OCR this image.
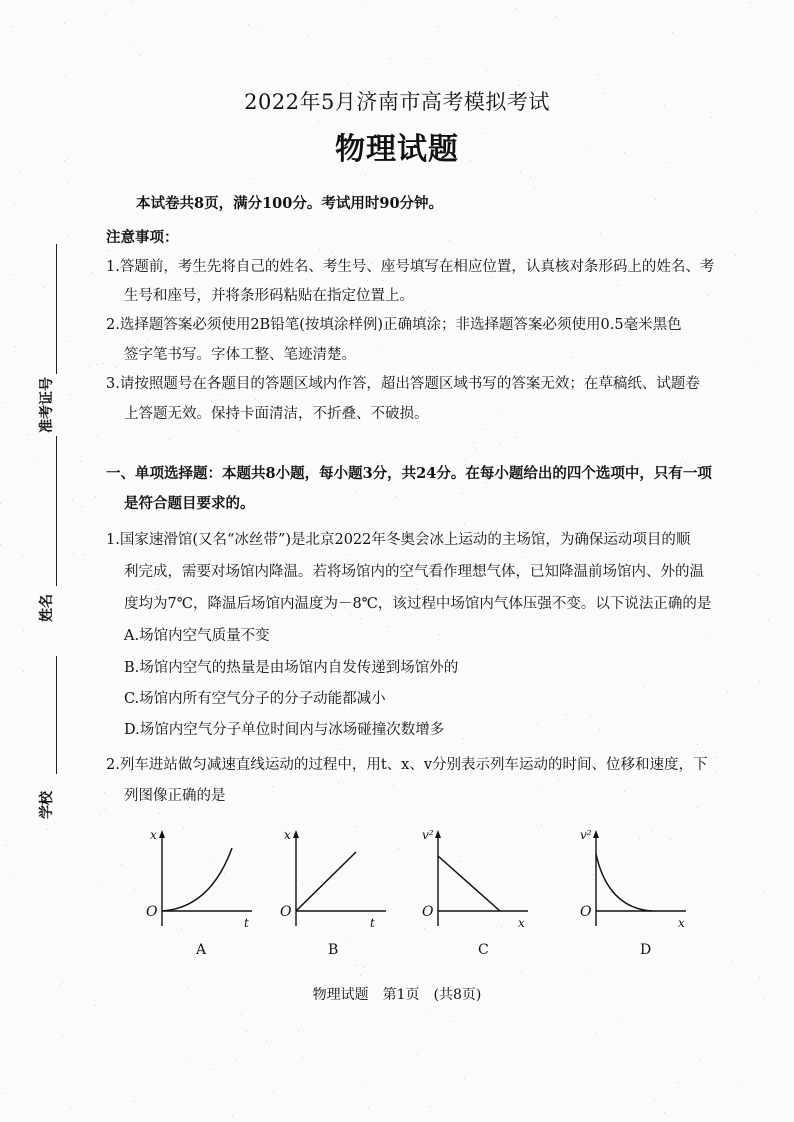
2022年5月济南市高考模拟考试
物理试题
准考证号
姓名
学校
本试卷共8页，满分100分。考试用时90分钟。
注意事项：
1.答题前，考生先将自己的姓名、考生号、座号填写在相应位置，认真核对条形码上的姓名、考
生号和座号，并将条形码粘贴在指定位置上。
2.选择题答案必须使用2B铅笔(按填涂样例)正确填涂；非选择题答案必须使用0.5毫米黑色
签字笔书写。字体工整、笔迹清楚。
3.请按照题号在各题目的答题区域内作答，超出答题区域书写的答案无效；在草稿纸、试题卷
上答题无效。保持卡面清洁，不折叠、不破损。
一、单项选择题：本题共8小题，每小题3分，共24分。在每小题给出的四个选项中，只有一项
是符合题目要求的。
1.国家速滑馆(又名“冰丝带”)是北京2022年冬奥会冰上运动的主场馆，为确保运动项目的顺
利完成，需要对场馆内降温。若将场馆内的空气看作理想气体，已知降温前场馆内、外的温
度均为7℃，降温后场馆内温度为－8℃，该过程中场馆内气体压强不变。以下说法正确的是
A.场馆内空气质量不变
B.场馆内空气的热量是由场馆内自发传递到场馆外的
C.场馆内所有空气分子的分子动能都减小
D.场馆内空气分子单位时间内与冰场碰撞次数增多
2.列车进站做匀减速直线运动的过程中，用t、x、v分别表示列车运动的时间、位移和速度，下
列图像正确的是
x
t
O
A
x
t
O
B
v²
x
O
C
v²
x
O
D
物理试题　第1页　(共8页)
